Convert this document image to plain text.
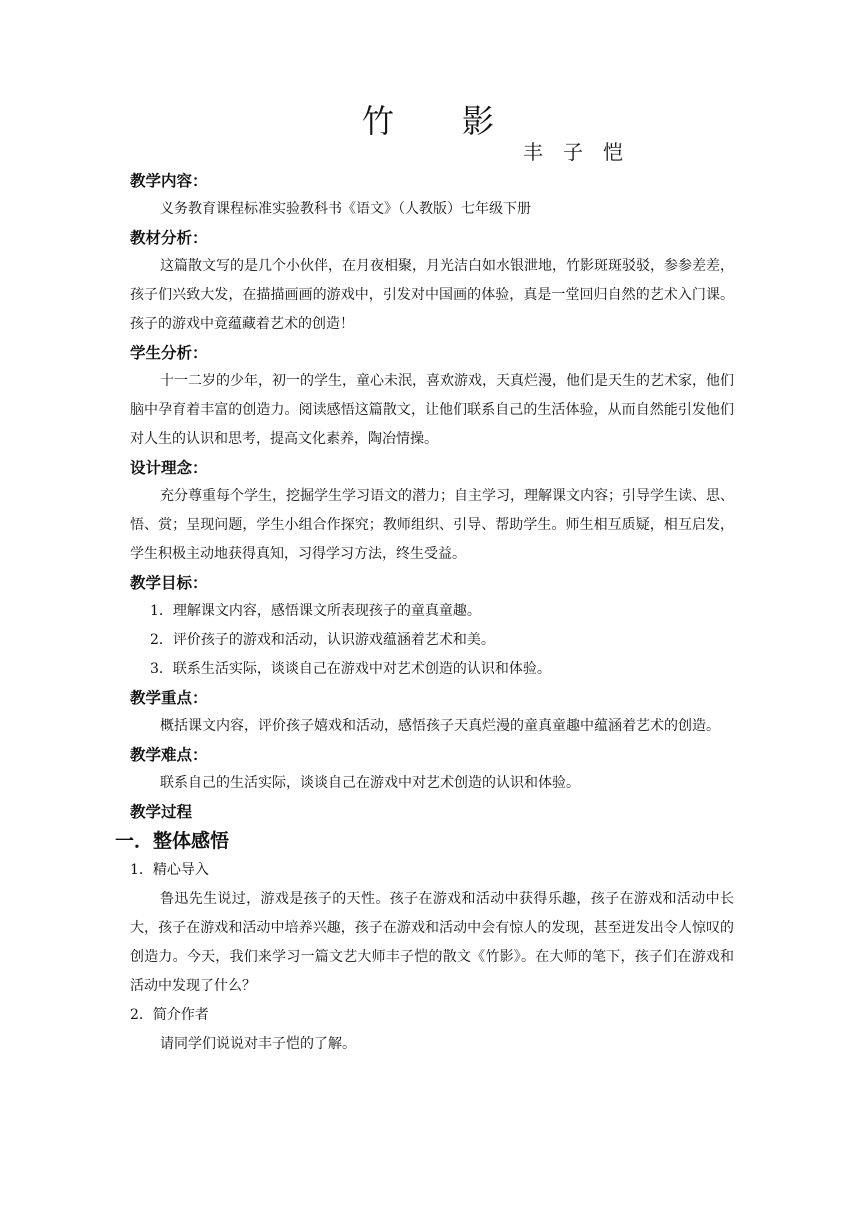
竹 影
丰 子 恺
教学内容：
义务教育课程标准实验教科书《语文》（人教版）七年级下册
教材分析：
这篇散文写的是几个小伙伴，在月夜相聚，月光洁白如水银泄地，竹影斑斑驳驳，参参差差，孩子们兴致大发，在描描画画的游戏中，引发对中国画的体验，真是一堂回归自然的艺术入门课。孩子的游戏中竟蕴藏着艺术的创造！
学生分析：
十一二岁的少年，初一的学生，童心未泯，喜欢游戏，天真烂漫，他们是天生的艺术家，他们脑中孕育着丰富的创造力。阅读感悟这篇散文，让他们联系自己的生活体验，从而自然能引发他们对人生的认识和思考，提高文化素养，陶冶情操。
设计理念：
充分尊重每个学生，挖掘学生学习语文的潜力；自主学习，理解课文内容；引导学生读、思、悟、赏；呈现问题，学生小组合作探究；教师组织、引导、帮助学生。师生相互质疑，相互启发，学生积极主动地获得真知，习得学习方法，终生受益。
教学目标：
1．理解课文内容，感悟课文所表现孩子的童真童趣。
2．评价孩子的游戏和活动，认识游戏蕴涵着艺术和美。
3．联系生活实际，谈谈自己在游戏中对艺术创造的认识和体验。
教学重点：
概括课文内容，评价孩子嬉戏和活动，感悟孩子天真烂漫的童真童趣中蕴涵着艺术的创造。
教学难点：
联系自己的生活实际，谈谈自己在游戏中对艺术创造的认识和体验。
教学过程
一．整体感悟
1．精心导入
鲁迅先生说过，游戏是孩子的天性。孩子在游戏和活动中获得乐趣，孩子在游戏和活动中长大，孩子在游戏和活动中培养兴趣，孩子在游戏和活动中会有惊人的发现，甚至迸发出令人惊叹的创造力。今天，我们来学习一篇文艺大师丰子恺的散文《竹影》。在大师的笔下，孩子们在游戏和活动中发现了什么？
2．简介作者
请同学们说说对丰子恺的了解。
